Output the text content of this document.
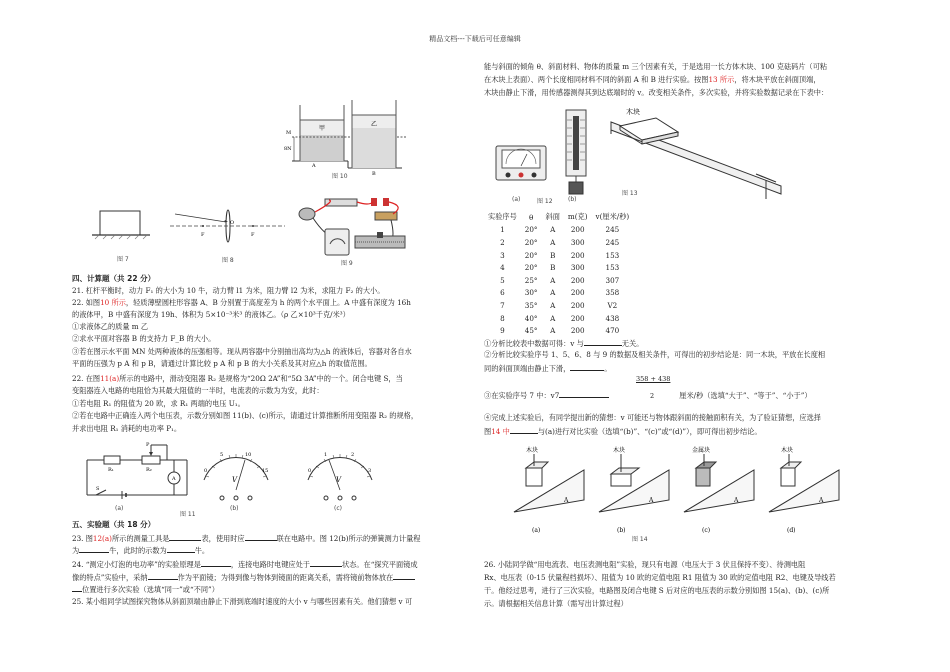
精品文档---下载后可任意编辑
M
8N
甲
乙
A
B
图 10
图 7
F
O
F
图 8	图 9
四、计算题（共 22 分）
21. 杠杆平衡时，动力 F₁ 的大小为 10 牛，动力臂 l1 为米，阻力臂 l2 为米，求阻力 F₂ 的大小。
22. 如图10 所示，轻质薄壁圆柱形容器 A、B 分别置于高度差为 h 的两个水平面上。A 中盛有深度为 16h
的液体甲，B 中盛有深度为 19h、体积为 5×10⁻³米³ 的液体乙。（ρ 乙×10³千克/米³）
①求液体乙的质量 m 乙
②求水平面对容器 B 的支持力 F_B 的大小。
③若在图示水平面 MN 处两种液体的压强相等。现从两容器中分别抽出高均为△h 的液体后，容器对各自水
平面的压强为 p A 和 p B，请通过计算比较 p A 和 p B 的大小关系及其对应△h 的取值范围。
22. 在图11(a)所示的电路中，滑动变阻器 R₂ 是规格为“20Ω 2A”和“5Ω 3A”中的一个。闭合电键 S，当
变阻器连入电路的电阻恰为其最大阻值的一半时，电流表的示数为为安，此时：
①若电阻 R₁ 的阻值为 20 欧，求 R₁ 两端的电压 U₁。
②若在电路中正确连入两个电压表，示数分别如图 11(b)、(c)所示，请通过计算推断所用变阻器 R₂ 的规格，
并求出电阻 R₁ 消耗的电功率 P₁。
R₁	R₂
P
S
A
(a)
0
5	10
15
V
(b)
0
1	2
3
V
(c)
图 11
五、实验题（共 18 分）
23. 图12(a)所示的测量工具是	表，使用时应	联在电路中。图 12(b)所示的弹簧测力计量程
为	牛，此时的示数为	牛。
24. “测定小灯泡的电功率”的实验原理是	，连接电路时电键应处于	状态。在“探究平面镜成
像的特点”实验中，采纳	作为平面镜；为得到像与物体到镜面的距离关系，需将镜前物体放在
位置进行多次实验（选填“同一”或“不同”）
25. 某小组同学试图探究物体从斜面顶端由静止下滑到底端时速度的大小 v 与哪些因素有关。他们猜想 v 可
能与斜面的倾角 θ、斜面材料、物体的质量 m 三个因素有关，于是选用一长方体木块、100 克砝码片（可粘
在木块上表面）、两个长度相同材料不同的斜面 A 和 B 进行实验。按图13 所示，将木块平放在斜面顶端，
木块由静止下滑，用传感器测得其到达底端时的 v。改变相关条件，多次实验，并将实验数据记录在下表中：
(a)	(b)
图 12
木块
图 13
实验序号	θ	斜面	m(克)	v(厘米/秒)
1	20°	A	200	245
2	20°	A	300	245
3	20°	B	200	153
4	20°	B	300	153
5	25°	A	200	307
6	30°	A	200	358
7	35°	A	200	V2
8	40°	A	200	438
9	45°	A	200	470
①分析比较表中数据可得：v 与	无关。
②分析比较实验序号 1、5、6、8 与 9 的数据及相关条件，可得出的初步结论是：同一木块，平放在长度相
同的斜面顶端由静止下滑，	。
358 + 438
2
③在实验序号 7 中：v7	厘米/秒（选填“大于”、“等于”、“小于”）
④完成上述实验后，有同学提出新的猜想：v 可能还与物体跟斜面的接触面积有关，为了验证猜想，应选择
图14 中	与(a)进行对比实验（选填“(b)”、“(c)”或“(d)”），即可得出初步结论。
木块
A
木块
A
金属块
A
木块
A
(a)	(b)	(c)	(d)
图 14
26. 小陆同学做“用电流表、电压表测电阻”实验，现只有电源（电压大于 3 伏且保持不变）、待测电阻
Rx、电压表（0-15 伏量程档损坏）、阻值为 10 欧的定值电阻 R1 阻值为 30 欧的定值电阻 R2、电键及导线若
干。他经过思考，进行了三次实验，电路图及闭合电键 S 后对应的电压表的示数分别如图 15(a)、(b)、(c)所
示。请根据相关信息计算（需写出计算过程）
